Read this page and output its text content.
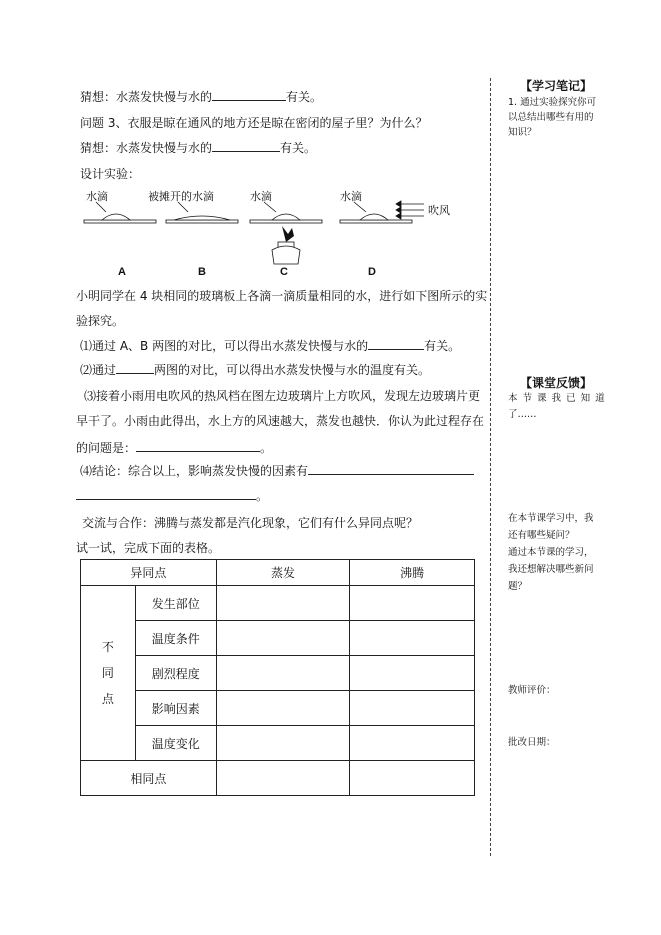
猜想：水蒸发快慢与水的	有关。
问题 3、衣服是晾在通风的地方还是晾在密闭的屋子里？为什么？
猜想：水蒸发快慢与水的	有关。
设计实验：
水滴
A
被摊开的水滴
B
水滴
C
水滴
吹风
D
小明同学在 4 块相同的玻璃板上各滴一滴质量相同的水，进行如下图所示的实
验探究。
⑴通过 A、B 两图的对比，可以得出水蒸发快慢与水的	有关。
⑵通过	两图的对比，可以得出水蒸发快慢与水的温度有关。
⑶接着小雨用电吹风的热风档在图左边玻璃片上方吹风，发现左边玻璃片更
早干了。小雨由此得出，水上方的风速越大，蒸发也越快．你认为此过程存在
的问题是：	。
⑷结论：综合以上，影响蒸发快慢的因素有
。
交流与合作：沸腾与蒸发都是汽化现象，它们有什么异同点呢？
试一试，完成下面的表格。
异同点		蒸发	沸腾

不
同
点	发生部位		
	温度条件		
	剧烈程度		
	影响因素		
	温度变化		
相同点			
【学习笔记】
1. 通过实验探究你可
以总结出哪些有用的
知识？
【课堂反馈】
本 节 课 我 已 知 道
了……
在本节课学习中，我
还有哪些疑问？
通过本节课的学习，
我还想解决哪些新问
题？
教师评价：
批改日期：
